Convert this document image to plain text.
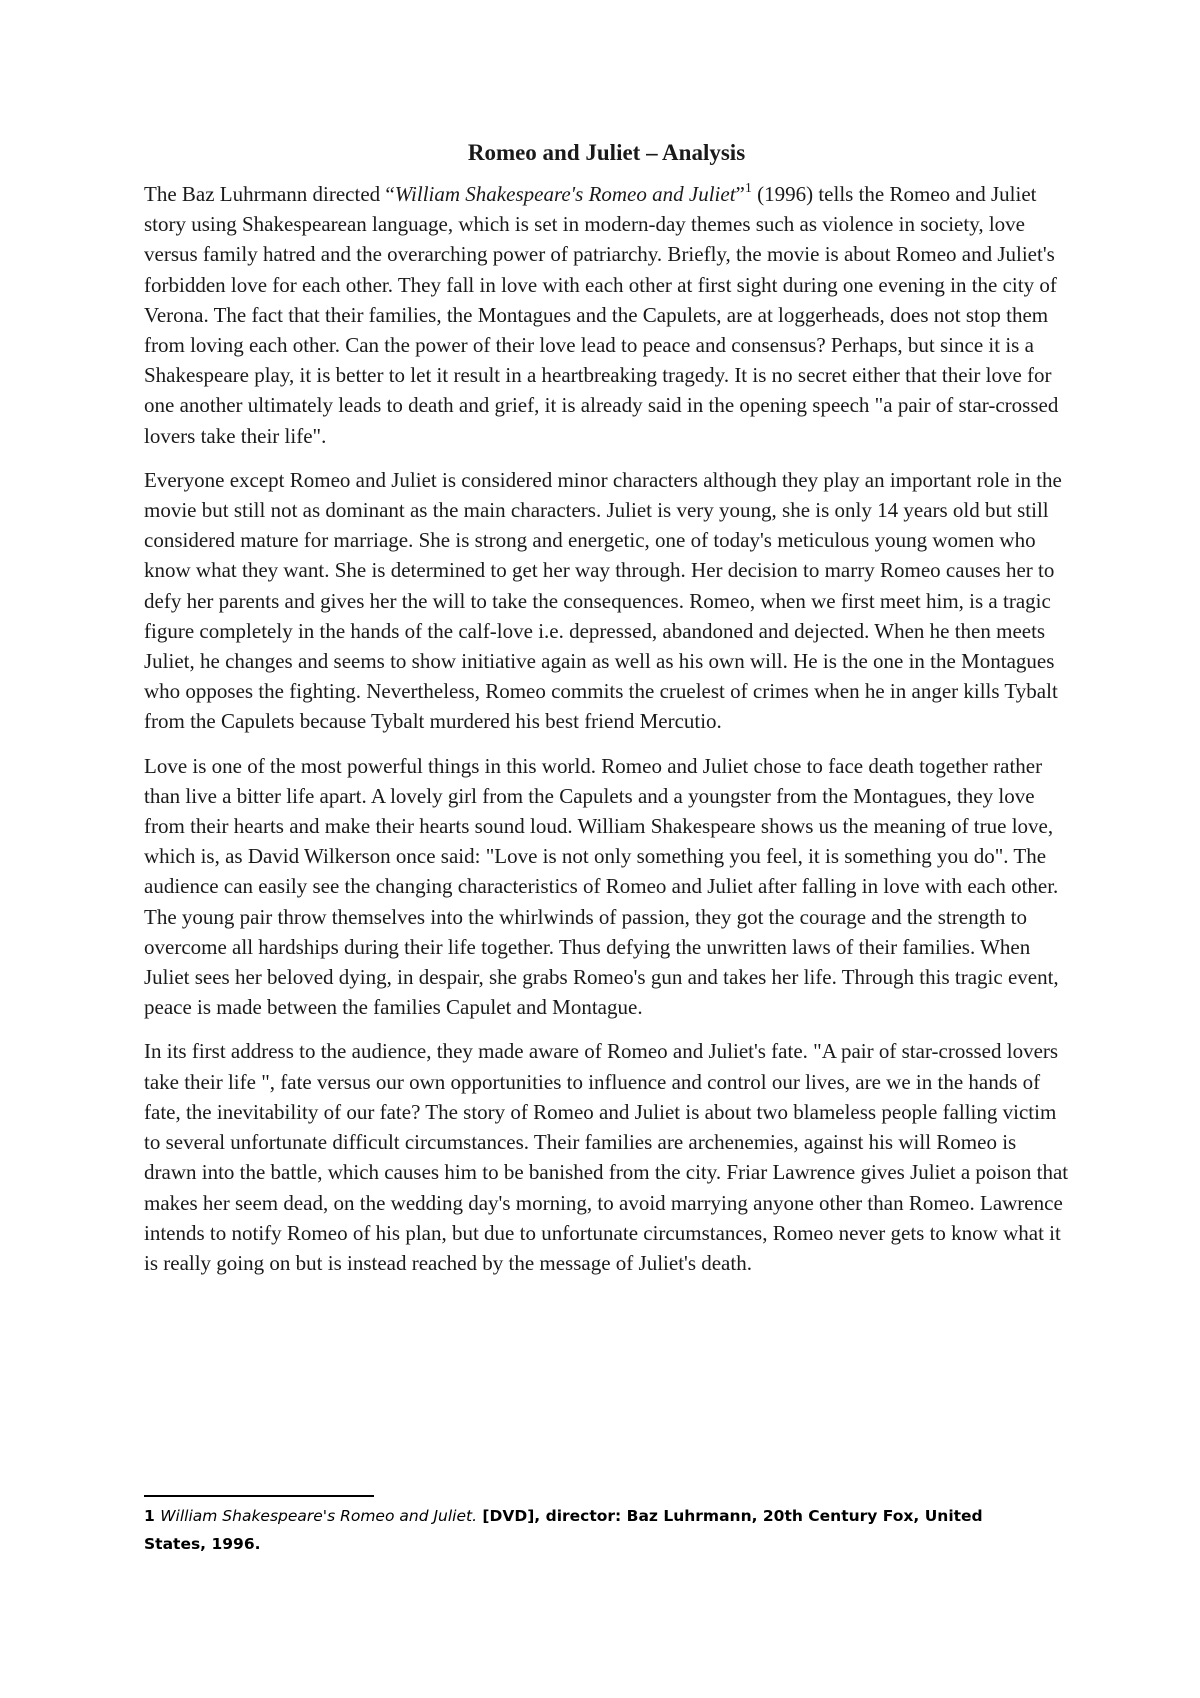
Romeo and Juliet – Analysis

The Baz Luhrmann directed “William Shakespeare's Romeo and Juliet”$^1$ (1996) tells the Romeo and Juliet story using Shakespearean language, which is set in modern-day themes such as violence in society, love versus family hatred and the overarching power of patriarchy. Briefly, the movie is about Romeo and Juliet's forbidden love for each other. They fall in love with each other at first sight during one evening in the city of Verona. The fact that their families, the Montagues and the Capulets, are at loggerheads, does not stop them from loving each other. Can the power of their love lead to peace and consensus? Perhaps, but since it is a Shakespeare play, it is better to let it result in a heartbreaking tragedy. It is no secret either that their love for one another ultimately leads to death and grief, it is already said in the opening speech "a pair of star-crossed lovers take their life".

Everyone except Romeo and Juliet is considered minor characters although they play an important role in the movie but still not as dominant as the main characters. Juliet is very young, she is only 14 years old but still considered mature for marriage. She is strong and energetic, one of today's meticulous young women who know what they want. She is determined to get her way through. Her decision to marry Romeo causes her to defy her parents and gives her the will to take the consequences. Romeo, when we first meet him, is a tragic figure completely in the hands of the calf-love i.e. depressed, abandoned and dejected. When he then meets Juliet, he changes and seems to show initiative again as well as his own will. He is the one in the Montagues who opposes the fighting. Nevertheless, Romeo commits the cruelest of crimes when he in anger kills Tybalt from the Capulets because Tybalt murdered his best friend Mercutio.

Love is one of the most powerful things in this world. Romeo and Juliet chose to face death together rather than live a bitter life apart. A lovely girl from the Capulets and a youngster from the Montagues, they love from their hearts and make their hearts sound loud. William Shakespeare shows us the meaning of true love, which is, as David Wilkerson once said: "Love is not only something you feel, it is something you do". The audience can easily see the changing characteristics of Romeo and Juliet after falling in love with each other. The young pair throw themselves into the whirlwinds of passion, they got the courage and the strength to overcome all hardships during their life together. Thus defying the unwritten laws of their families. When Juliet sees her beloved dying, in despair, she grabs Romeo's gun and takes her life. Through this tragic event, peace is made between the families Capulet and Montague.

In its first address to the audience, they made aware of Romeo and Juliet's fate. "A pair of star-crossed lovers take their life ", fate versus our own opportunities to influence and control our lives, are we in the hands of fate, the inevitability of our fate? The story of Romeo and Juliet is about two blameless people falling victim to several unfortunate difficult circumstances. Their families are archenemies, against his will Romeo is drawn into the battle, which causes him to be banished from the city. Friar Lawrence gives Juliet a poison that makes her seem dead, on the wedding day's morning, to avoid marrying anyone other than Romeo. Lawrence intends to notify Romeo of his plan, but due to unfortunate circumstances, Romeo never gets to know what it is really going on but is instead reached by the message of Juliet's death.

1 William Shakespeare's Romeo and Juliet. [DVD], director: Baz Luhrmann, 20th Century Fox, United States, 1996.
